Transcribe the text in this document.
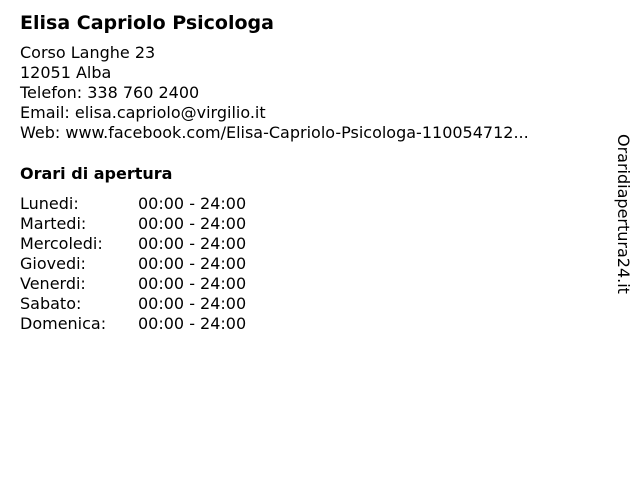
Elisa Capriolo Psicologa
Corso Langhe 23
12051 Alba
Telefon: 338 760 2400
Email: elisa.capriolo@virgilio.it
Web: www.facebook.com/Elisa-Capriolo-Psicologa-110054712...
Orari di apertura
Lunedi:	00:00 - 24:00
Martedi:	00:00 - 24:00
Mercoledi:	00:00 - 24:00
Giovedi:	00:00 - 24:00
Venerdi:	00:00 - 24:00
Sabato:	00:00 - 24:00
Domenica:	00:00 - 24:00
Oraridiapertura24.it
